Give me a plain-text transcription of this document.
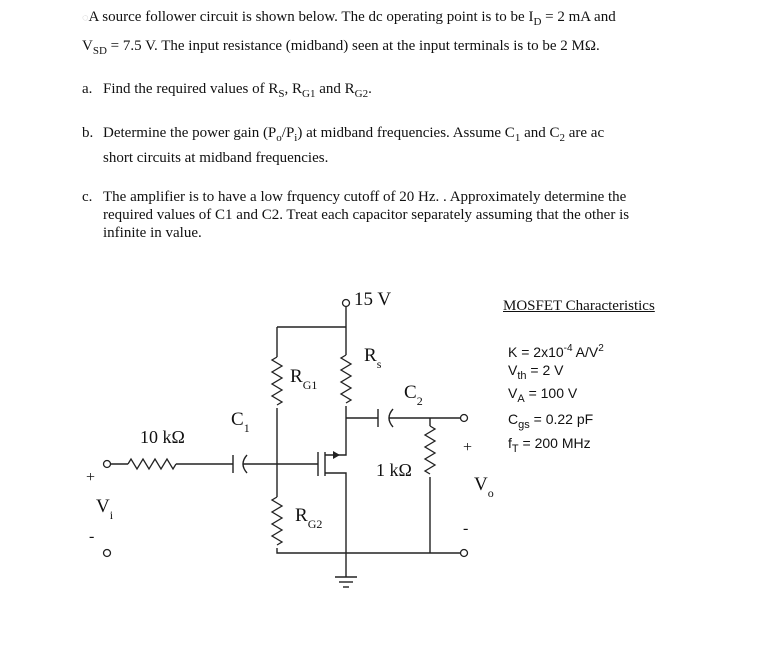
◌A source follower circuit is shown below. The dc operating point is to be $I_D = 2$ mA and
$V_{SD} = 7.5$ V. The input resistance (midband) seen at the input terminals is to be 2 MΩ.
a. Find the required values of $R_S$, $R_{G1}$ and $R_{G2}$.
b. Determine the power gain $(P_o/P_i)$ at midband frequencies. Assume $C_1$ and $C_2$ are ac
short circuits at midband frequencies.
c. The amplifier is to have a low frquency cutoff of 20 Hz. . Approximately determine the
required values of C1 and C2. Treat each capacitor separately assuming that the other is
infinite in value.
15 V
$R_{G1}$
$R_s$
$C_2$
$C_1$
10 kΩ
1 kΩ
$R_{G2}$
+
$V_i$
-
+
$V_o$
-
MOSFET Characteristics
$K = 2x10^{-4}$ $A/V^2$
$V_{th} = 2$ V
$V_A = 100$ V
$C_{gs} = 0.22$ pF
$f_T = 200$ MHz
